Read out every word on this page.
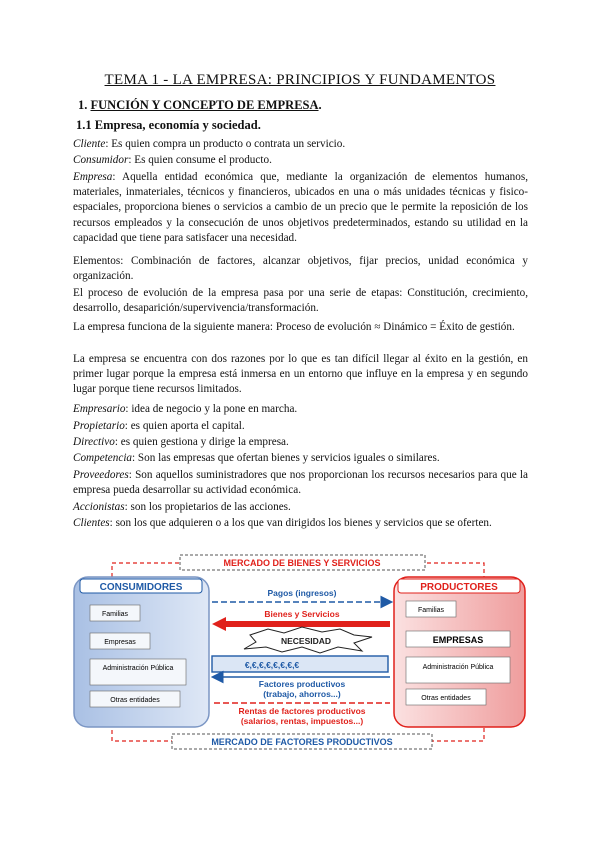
TEMA 1 - LA EMPRESA: PRINCIPIOS Y FUNDAMENTOS
1. FUNCIÓN Y CONCEPTO DE EMPRESA.
1.1 Empresa, economía y sociedad.
Cliente: Es quien compra un producto o contrata un servicio.
Consumidor: Es quien consume el producto.
Empresa: Aquella entidad económica que, mediante la organización de elementos humanos, materiales, inmateriales, técnicos y financieros, ubicados en una o más unidades técnicas y fisico-espaciales, proporciona bienes o servicios a cambio de un precio que le permite la reposición de los recursos empleados y la consecución de unos objetivos predeterminados, estando su utilidad en la capacidad que tiene para satisfacer una necesidad.
Elementos: Combinación de factores, alcanzar objetivos, fijar precios, unidad económica y organización.
El proceso de evolución de la empresa pasa por una serie de etapas: Constitución, crecimiento, desarrollo, desaparición/supervivencia/transformación.
La empresa funciona de la siguiente manera: Proceso de evolución ≈ Dinámico = Éxito de gestión.
La empresa se encuentra con dos razones por lo que es tan difícil llegar al éxito en la gestión, en primer lugar porque la empresa está inmersa en un entorno que influye en la empresa y en segundo lugar porque tiene recursos limitados.
Empresario: idea de negocio y la pone en marcha.
Propietario: es quien aporta el capital.
Directivo: es quien gestiona y dirige la empresa.
Competencia: Son las empresas que ofertan bienes y servicios iguales o similares.
Proveedores: Son aquellos suministradores que nos proporcionan los recursos necesarios para que la empresa pueda desarrollar su actividad económica.
Accionistas: son los propietarios de las acciones.
Clientes: son los que adquieren o a los que van dirigidos los bienes y servicios que se oferten.
MERCADO DE BIENES Y SERVICIOS
CONSUMIDORES
Familias
Empresas
Administración Pública
Otras entidades
PRODUCTORES
Familias
EMPRESAS
Administración Pública
Otras entidades
Pagos (ingresos)
Bienes y Servicios
NECESIDAD
€,€,€,€,€,€,€,€
Factores productivos
(trabajo, ahorros...)
Rentas de factores productivos
(salarios, rentas, impuestos...)
MERCADO DE FACTORES PRODUCTIVOS
